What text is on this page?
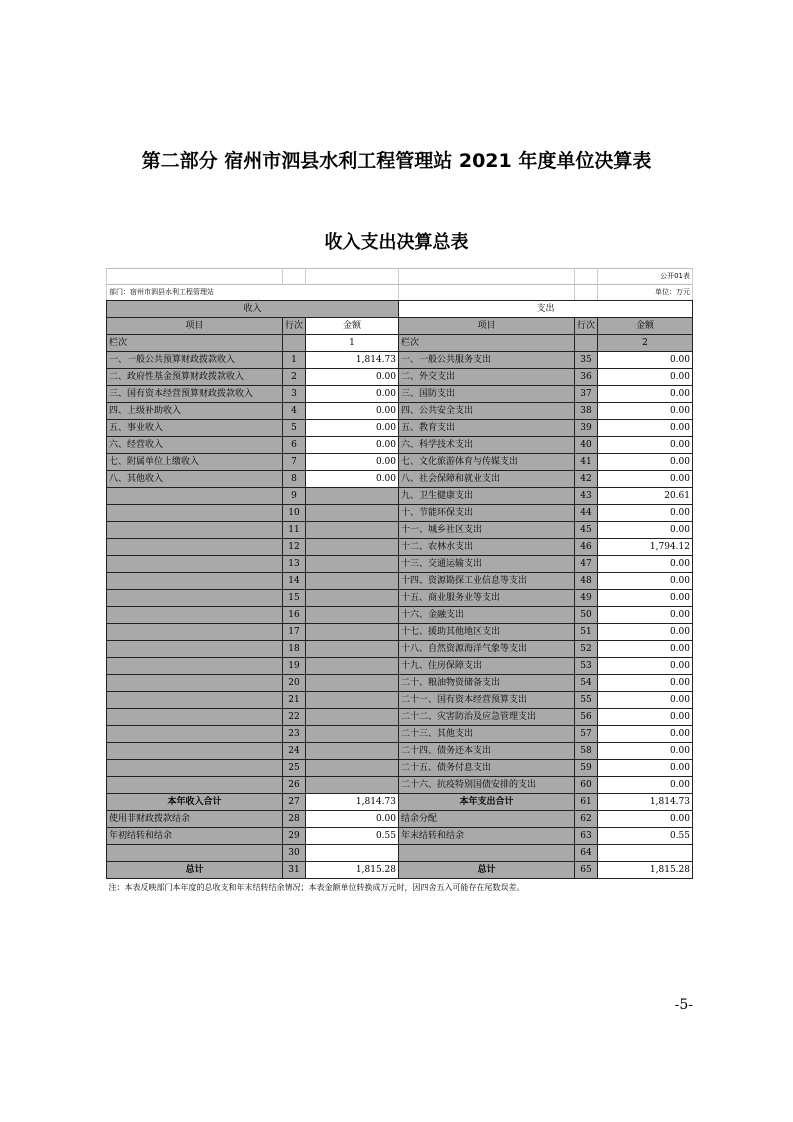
第二部分 宿州市泗县水利工程管理站 2021 年度单位决算表
收入支出决算总表
					公开01表
部门：宿州市泗县水利工程管理站					单位：万元
收入			支出		
项目	行次	金额	项目	行次	金额
栏次		1	栏次		2
一、一般公共预算财政拨款收入	1	1,814.73	一、一般公共服务支出	35	0.00
二、政府性基金预算财政拨款收入	2	0.00	二、外交支出	36	0.00
三、国有资本经营预算财政拨款收入	3	0.00	三、国防支出	37	0.00
四、上级补助收入	4	0.00	四、公共安全支出	38	0.00
五、事业收入	5	0.00	五、教育支出	39	0.00
六、经营收入	6	0.00	六、科学技术支出	40	0.00
七、附属单位上缴收入	7	0.00	七、文化旅游体育与传媒支出	41	0.00
八、其他收入	8	0.00	八、社会保障和就业支出	42	0.00
	9		九、卫生健康支出	43	20.61
	10		十、节能环保支出	44	0.00
	11		十一、城乡社区支出	45	0.00
	12		十二、农林水支出	46	1,794.12
	13		十三、交通运输支出	47	0.00
	14		十四、资源勘探工业信息等支出	48	0.00
	15		十五、商业服务业等支出	49	0.00
	16		十六、金融支出	50	0.00
	17		十七、援助其他地区支出	51	0.00
	18		十八、自然资源海洋气象等支出	52	0.00
	19		十九、住房保障支出	53	0.00
	20		二十、粮油物资储备支出	54	0.00
	21		二十一、国有资本经营预算支出	55	0.00
	22		二十二、灾害防治及应急管理支出	56	0.00
	23		二十三、其他支出	57	0.00
	24		二十四、债务还本支出	58	0.00
	25		二十五、债务付息支出	59	0.00
	26		二十六、抗疫特别国债安排的支出	60	0.00
本年收入合计	27	1,814.73	本年支出合计	61	1,814.73
使用非财政拨款结余	28	0.00	结余分配	62	0.00
年初结转和结余	29	0.55	年末结转和结余	63	0.55
	30			64	
总计	31	1,815.28	总计	65	1,815.28
注：本表反映部门本年度的总收支和年末结转结余情况；本表金额单位转换成万元时，因四舍五入可能存在尾数误差。					
-5-
